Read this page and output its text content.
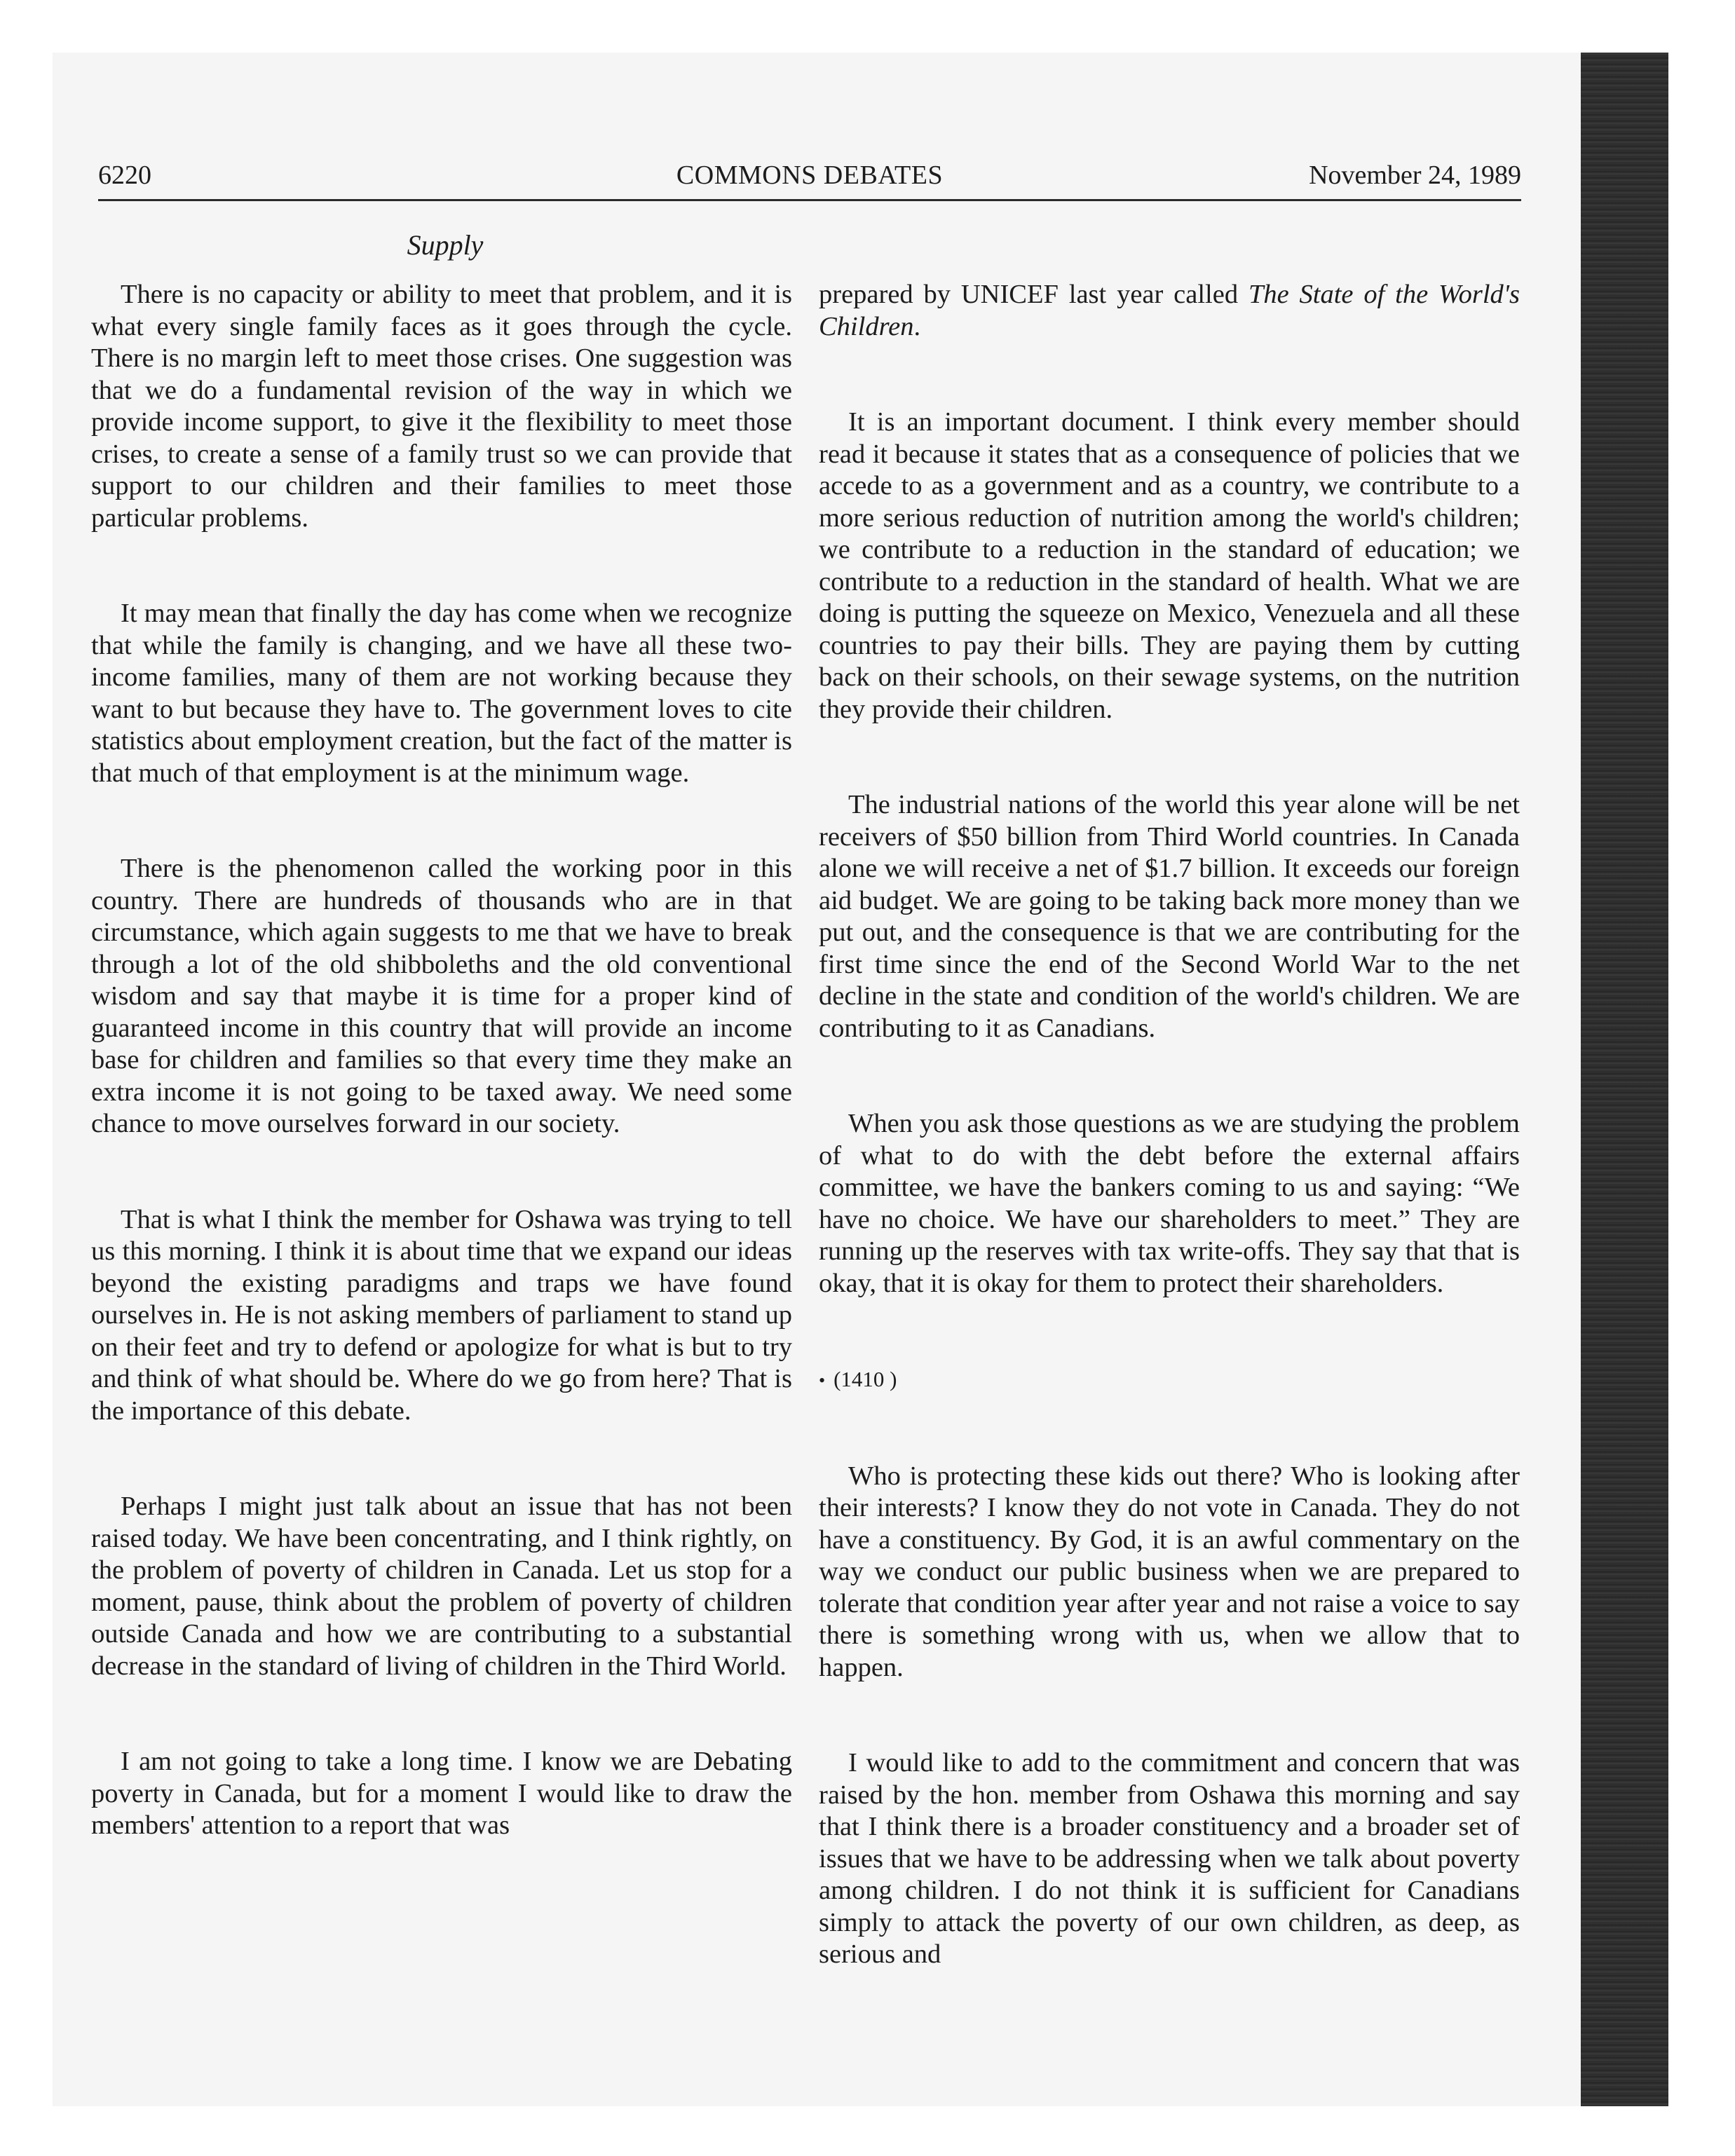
6220	COMMONS DEBATES	November 24, 1989
Supply

There is no capacity or ability to meet that problem, and it is what every single family faces as it goes through the cycle. There is no margin left to meet those crises. One suggestion was that we do a fundamental revision of the way in which we provide income support, to give it the flexibility to meet those crises, to create a sense of a family trust so we can provide that support to our children and their families to meet those particular problems.

It may mean that finally the day has come when we recognize that while the family is changing, and we have all these two-income families, many of them are not working because they want to but because they have to. The government loves to cite statistics about employment creation, but the fact of the matter is that much of that employment is at the minimum wage.

There is the phenomenon called the working poor in this country. There are hundreds of thousands who are in that circumstance, which again suggests to me that we have to break through a lot of the old shibboleths and the old conventional wisdom and say that maybe it is time for a proper kind of guaranteed income in this country that will provide an income base for children and families so that every time they make an extra income it is not going to be taxed away. We need some chance to move ourselves forward in our society.

That is what I think the member for Oshawa was trying to tell us this morning. I think it is about time that we expand our ideas beyond the existing paradigms and traps we have found ourselves in. He is not asking members of parliament to stand up on their feet and try to defend or apologize for what is but to try and think of what should be. Where do we go from here? That is the importance of this debate.

Perhaps I might just talk about an issue that has not been raised today. We have been concentrating, and I think rightly, on the problem of poverty of children in Canada. Let us stop for a moment, pause, think about the problem of poverty of children outside Canada and how we are contributing to a substantial decrease in the standard of living of children in the Third World.

I am not going to take a long time. I know we are Debating poverty in Canada, but for a moment I would like to draw the members' attention to a report that was

prepared by UNICEF last year called The State of the World's Children.

It is an important document. I think every member should read it because it states that as a consequence of policies that we accede to as a government and as a country, we contribute to a more serious reduction of nutrition among the world's children; we contribute to a reduction in the standard of education; we contribute to a reduction in the standard of health. What we are doing is putting the squeeze on Mexico, Venezuela and all these countries to pay their bills. They are paying them by cutting back on their schools, on their sewage systems, on the nutrition they provide their children.

The industrial nations of the world this year alone will be net receivers of $50 billion from Third World countries. In Canada alone we will receive a net of $1.7 billion. It exceeds our foreign aid budget. We are going to be taking back more money than we put out, and the consequence is that we are contributing for the first time since the end of the Second World War to the net decline in the state and condition of the world's children. We are contributing to it as Canadians.

When you ask those questions as we are studying the problem of what to do with the debt before the external affairs committee, we have the bankers coming to us and saying: “We have no choice. We have our shareholders to meet.” They are running up the reserves with tax write-offs. They say that that is okay, that it is okay for them to protect their shareholders.

• (1410 )

Who is protecting these kids out there? Who is looking after their interests? I know they do not vote in Canada. They do not have a constituency. By God, it is an awful commentary on the way we conduct our public business when we are prepared to tolerate that condition year after year and not raise a voice to say there is something wrong with us, when we allow that to happen.

I would like to add to the commitment and concern that was raised by the hon. member from Oshawa this morning and say that I think there is a broader constituency and a broader set of issues that we have to be addressing when we talk about poverty among children. I do not think it is sufficient for Canadians simply to attack the poverty of our own children, as deep, as serious and
